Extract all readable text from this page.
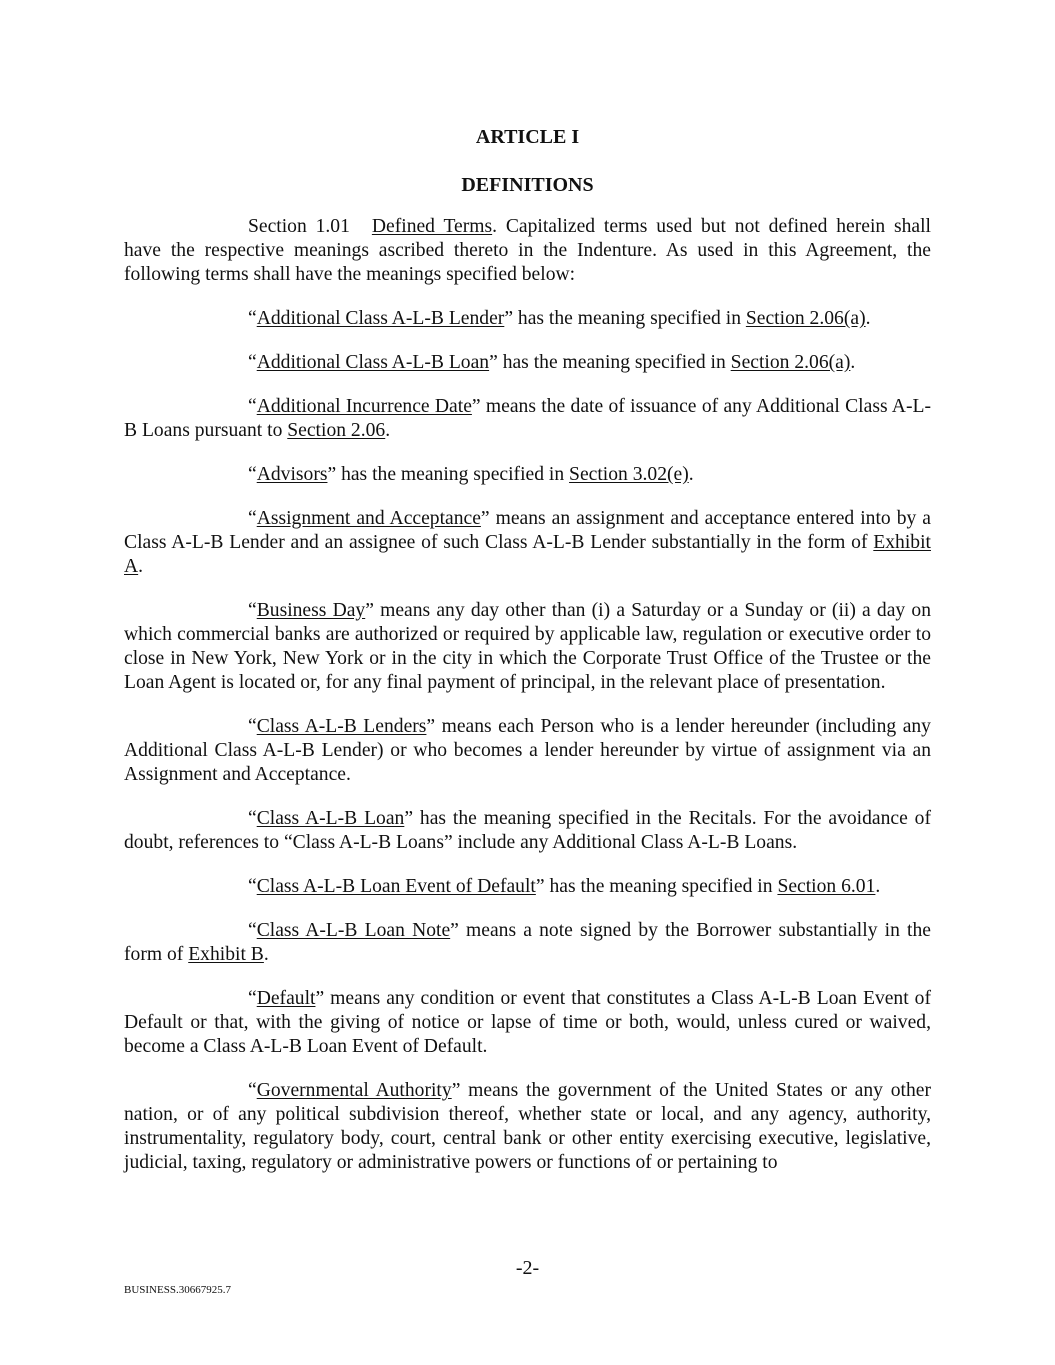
ARTICLE I
DEFINITIONS

Section 1.01 Defined Terms. Capitalized terms used but not defined herein shall have the respective meanings ascribed thereto in the Indenture. As used in this Agreement, the following terms shall have the meanings specified below:

“Additional Class A-L-B Lender” has the meaning specified in Section 2.06(a).

“Additional Class A-L-B Loan” has the meaning specified in Section 2.06(a).

“Additional Incurrence Date” means the date of issuance of any Additional Class A-L-B Loans pursuant to Section 2.06.

“Advisors” has the meaning specified in Section 3.02(e).

“Assignment and Acceptance” means an assignment and acceptance entered into by a Class A-L-B Lender and an assignee of such Class A-L-B Lender substantially in the form of Exhibit A.

“Business Day” means any day other than (i) a Saturday or a Sunday or (ii) a day on which commercial banks are authorized or required by applicable law, regulation or executive order to close in New York, New York or in the city in which the Corporate Trust Office of the Trustee or the Loan Agent is located or, for any final payment of principal, in the relevant place of presentation.

“Class A-L-B Lenders” means each Person who is a lender hereunder (including any Additional Class A-L-B Lender) or who becomes a lender hereunder by virtue of assignment via an Assignment and Acceptance.

“Class A-L-B Loan” has the meaning specified in the Recitals. For the avoidance of doubt, references to “Class A-L-B Loans” include any Additional Class A-L-B Loans.

“Class A-L-B Loan Event of Default” has the meaning specified in Section 6.01.

“Class A-L-B Loan Note” means a note signed by the Borrower substantially in the form of Exhibit B.

“Default” means any condition or event that constitutes a Class A-L-B Loan Event of Default or that, with the giving of notice or lapse of time or both, would, unless cured or waived, become a Class A-L-B Loan Event of Default.

“Governmental Authority” means the government of the United States or any other nation, or of any political subdivision thereof, whether state or local, and any agency, authority, instrumentality, regulatory body, court, central bank or other entity exercising executive, legislative, judicial, taxing, regulatory or administrative powers or functions of or pertaining to

-2-
BUSINESS.30667925.7
